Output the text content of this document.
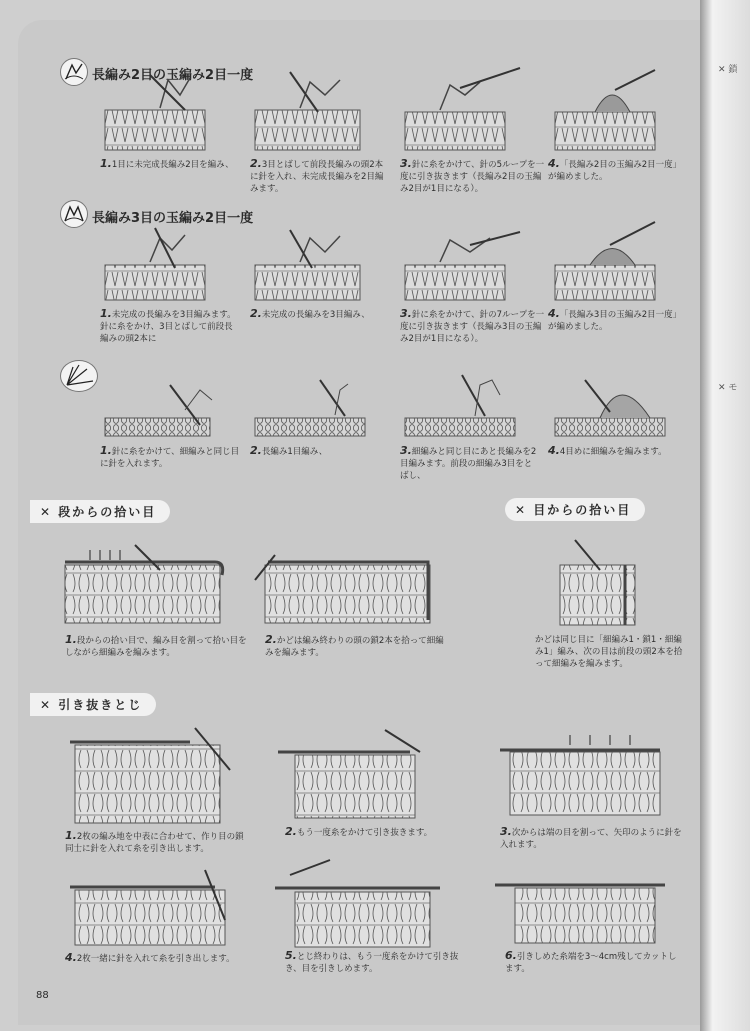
✕ 鎖
✕ モ
長編み2目の玉編み2目一度
長編み3目の玉編み2目一度
1.1目に未完成長編み2目を編み、	2.3目とばして前段長編みの頭2本に針を入れ、未完成長編みを2目編みます。
3.針に糸をかけて、針の5ループを一度に引き抜きます（長編み2目の玉編み2目が1目になる）。
4.「長編み2目の玉編み2目一度」が編めました。
1.未完成の長編みを3目編みます。針に糸をかけ、3目とばして前段長編みの頭2本に
2.未完成の長編みを3目編み、	3.針に糸をかけて、針の7ループを一度に引き抜きます（長編み3目の玉編み2目が1目になる）。
4.「長編み3目の玉編み2目一度」が編めました。
1.針に糸をかけて、細編みと同じ目に針を入れます。
2.長編み1目編み、	3.細編みと同じ目にあと長編みを2目編みます。前段の細編み3目をとばし、
4.4目めに細編みを編みます。
✕ 段からの拾い目	✕ 目からの拾い目
1.段からの拾い目で、編み目を割って拾い目をしながら細編みを編みます。
2.かどは編み終わりの頭の鎖2本を拾って細編みを編みます。
かどは同じ目に「細編み1・鎖1・細編み1」編み、次の目は前段の頭2本を拾って細編みを編みます。
✕ 引き抜きとじ
1.2枚の編み地を中表に合わせて、作り目の鎖同士に針を入れて糸を引き出します。
2.もう一度糸をかけて引き抜きます。	3.次からは端の目を割って、矢印のように針を入れます。
4.2枚一緒に針を入れて糸を引き出します。	5.とじ終わりは、もう一度糸をかけて引き抜き、目を引きしめます。
6.引きしめた糸端を3〜4cm残してカットします。
88
